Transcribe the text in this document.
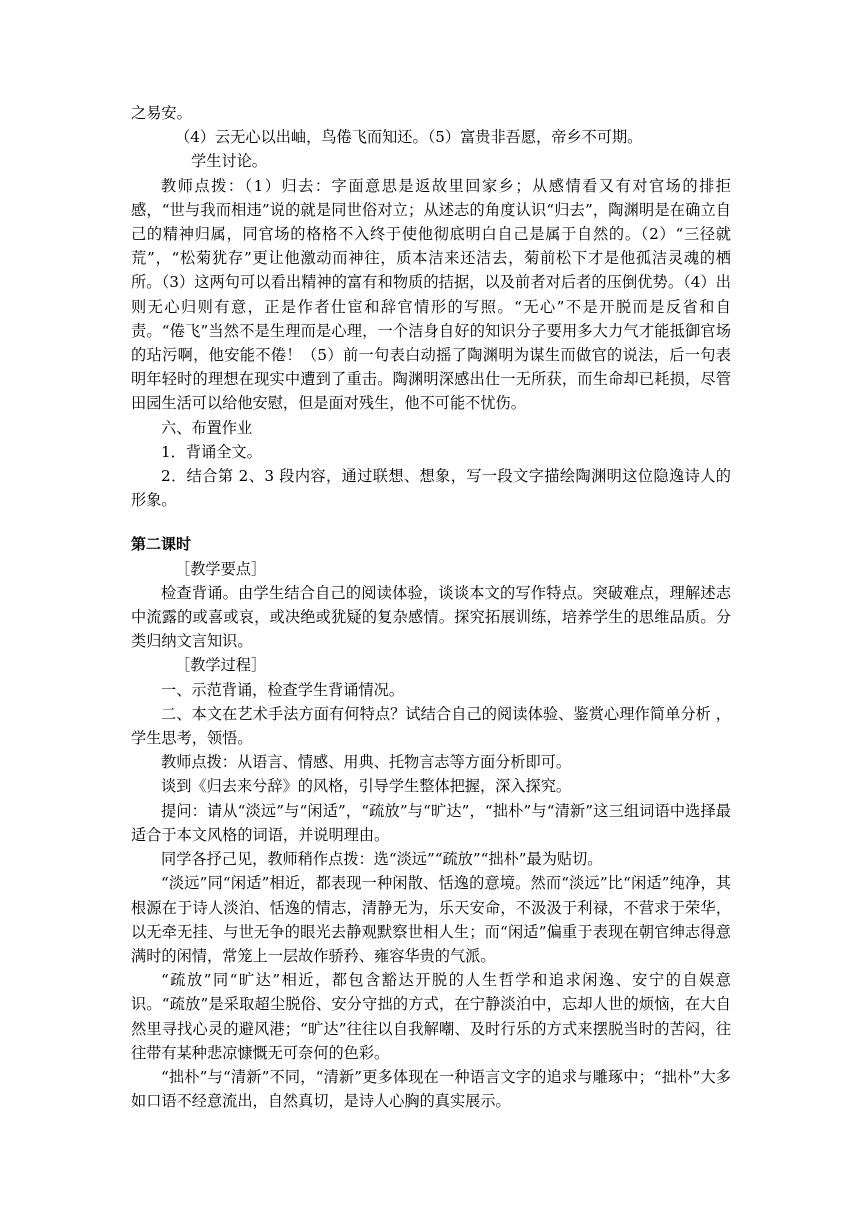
之易安。

（4）云无心以出岫，鸟倦飞而知还。（5）富贵非吾愿，帝乡不可期。

学生讨论。

教师点拨：（1）归去：字面意思是返故里回家乡；从感情看又有对官场的排拒感，“世与我而相违”说的就是同世俗对立；从述志的角度认识“归去”，陶渊明是在确立自己的精神归属，同官场的格格不入终于使他彻底明白自己是属于自然的。（2）“三径就荒”，“松菊犹存”更让他激动而神往，质本洁来还洁去，菊前松下才是他孤洁灵魂的栖所。（3）这两句可以看出精神的富有和物质的拮据，以及前者对后者的压倒优势。（4）出则无心归则有意，正是作者仕宦和辞官情形的写照。“无心”不是开脱而是反省和自责。“倦飞”当然不是生理而是心理，一个洁身自好的知识分子要用多大力气才能抵御官场的玷污啊，他安能不倦！（5）前一句表白动摇了陶渊明为谋生而做官的说法，后一句表明年轻时的理想在现实中遭到了重击。陶渊明深感出仕一无所获，而生命却已耗损，尽管田园生活可以给他安慰，但是面对残生，他不可能不忧伤。

六、布置作业

1．背诵全文。

2．结合第 2、3 段内容，通过联想、想象，写一段文字描绘陶渊明这位隐逸诗人的形象。

第二课时

［教学要点］

检查背诵。由学生结合自己的阅读体验，谈谈本文的写作特点。突破难点，理解述志中流露的或喜或哀，或决绝或犹疑的复杂感情。探究拓展训练，培养学生的思维品质。分类归纳文言知识。

［教学过程］

一、示范背诵，检查学生背诵情况。

二、本文在艺术手法方面有何特点？试结合自己的阅读体验、鉴赏心理作简单分析 ，学生思考，领悟。

教师点拨：从语言、情感、用典、托物言志等方面分析即可。

谈到《归去来兮辞》的风格，引导学生整体把握，深入探究。

提问：请从“淡远”与“闲适”，“疏放”与“旷达”，“拙朴”与“清新”这三组词语中选择最适合于本文风格的词语，并说明理由。

同学各抒己见，教师稍作点拨：选“淡远”“疏放”“拙朴”最为贴切。

“淡远”同“闲适”相近，都表现一种闲散、恬逸的意境。然而“淡远”比“闲适”纯净，其根源在于诗人淡泊、恬逸的情志，清静无为，乐天安命，不汲汲于利禄，不营求于荣华，以无牵无挂、与世无争的眼光去静观默察世相人生；而“闲适”偏重于表现在朝官绅志得意满时的闲情，常笼上一层故作骄矜、雍容华贵的气派。

“疏放”同“旷达”相近，都包含豁达开脱的人生哲学和追求闲逸、安宁的自娱意识。“疏放”是采取超尘脱俗、安分守拙的方式，在宁静淡泊中，忘却人世的烦恼，在大自然里寻找心灵的避风港；“旷达”往往以自我解嘲、及时行乐的方式来摆脱当时的苦闷，往往带有某种悲凉慷慨无可奈何的色彩。

“拙朴”与“清新”不同，“清新”更多体现在一种语言文字的追求与雕琢中；“拙朴”大多如口语不经意流出，自然真切，是诗人心胸的真实展示。
